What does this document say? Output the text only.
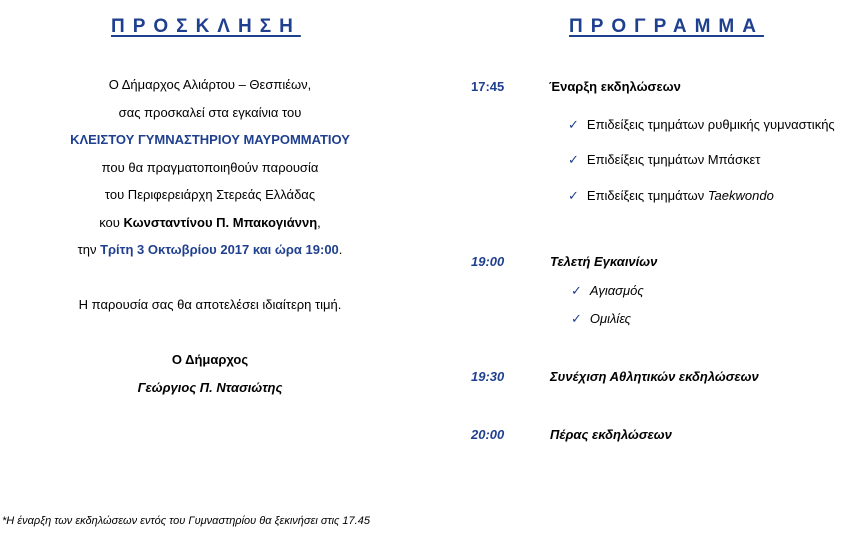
ΠΡΟΣΚΛΗΣΗ	ΠΡΟΓΡΑΜΜΑ
Ο Δήμαρχος Αλιάρτου – Θεσπιέων,
σας προσκαλεί στα εγκαίνια του
ΚΛΕΙΣΤΟΥ ΓΥΜΝΑΣΤΗΡΙΟΥ ΜΑΥΡΟΜΜΑΤΙΟΥ
που θα πραγματοποιηθούν παρουσία
του Περιφερειάρχη Στερεάς Ελλάδας
κου Κωνσταντίνου Π. Μπακογιάννη,
την Τρίτη 3 Οκτωβρίου 2017 και ώρα 19:00.
Η παρουσία σας θα αποτελέσει ιδιαίτερη τιμή.
Ο Δήμαρχος
Γεώργιος Π. Ντασιώτης
17:45	Έναρξη εκδηλώσεων
✓ Επιδείξεις τμημάτων ρυθμικής γυμναστικής
✓ Επιδείξεις τμημάτων Μπάσκετ
✓ Επιδείξεις τμημάτων Taekwondo
19:00	Τελετή Εγκαινίων
✓ Αγιασμός
✓ Ομιλίες
19:30	Συνέχιση Αθλητικών εκδηλώσεων
20:00	Πέρας εκδηλώσεων
*Η έναρξη των εκδηλώσεων εντός του Γυμναστηρίου θα ξεκινήσει στις 17.45
